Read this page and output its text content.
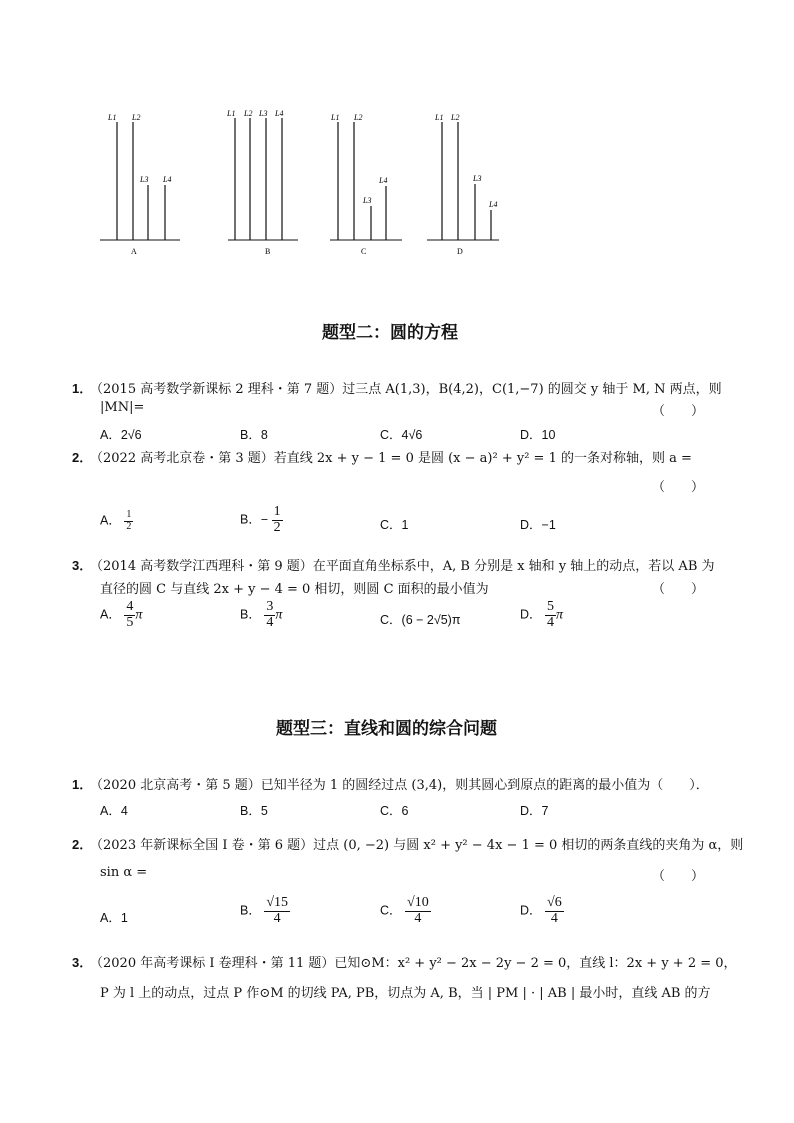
L1 L2
L3 L4
A
L1 L2 L3 L4
B
L1 L2
L3
L4
C
L1 L2
L3
L4
D
题型二：圆的方程
1．
（2015 高考数学新课标 2 理科・第 7 题）过三点 A(1,3)，B(4,2)，C(1,−7) 的圆交 y 轴于 M, N 两点，则
|MN|=	（　　）
A．2√6	B．8	C．4√6	D．10
2．
（2022 高考北京卷・第 3 题）若直线 2x + y − 1 = 0 是圆 (x − a)² + y² = 1 的一条对称轴，则 a =
（　　）
A． $\frac{1}{2}$	B．− $\frac{1}{2}$	C．1	D．−1
3．
（2014 高考数学江西理科・第 9 题）在平面直角坐标系中，A, B 分别是 x 轴和 y 轴上的动点，若以 AB 为
直径的圆 C 与直线 2x + y − 4 = 0 相切，则圆 C 面积的最小值为	（　　）
A． $\frac{4}{5}$ π	B． $\frac{3}{4}$ π	C．(6 − 2√5)π	D． $\frac{5}{4}$ π
题型三：直线和圆的综合问题
1．
（2020 北京高考・第 5 题）已知半径为 1 的圆经过点 (3,4)，则其圆心到原点的距离的最小值为（　　）．
A．4	B．5	C．6	D．7
2．
（2023 年新课标全国 Ⅰ 卷・第 6 题）过点 (0, −2) 与圆 x² + y² − 4x − 1 = 0 相切的两条直线的夹角为 α，则
sin α =	（　　）
A．1
B． $\frac{√15}{4}$	C． $\frac{√10}{4}$	D． $\frac{√6}{4}$
3．
（2020 年高考课标 Ⅰ 卷理科・第 11 题）已知⊙M：x² + y² − 2x − 2y − 2 = 0，直线 l：2x + y + 2 = 0，
P 为 l 上的动点，过点 P 作⊙M 的切线 PA, PB，切点为 A, B，当 | PM | · | AB | 最小时，直线 AB 的方
